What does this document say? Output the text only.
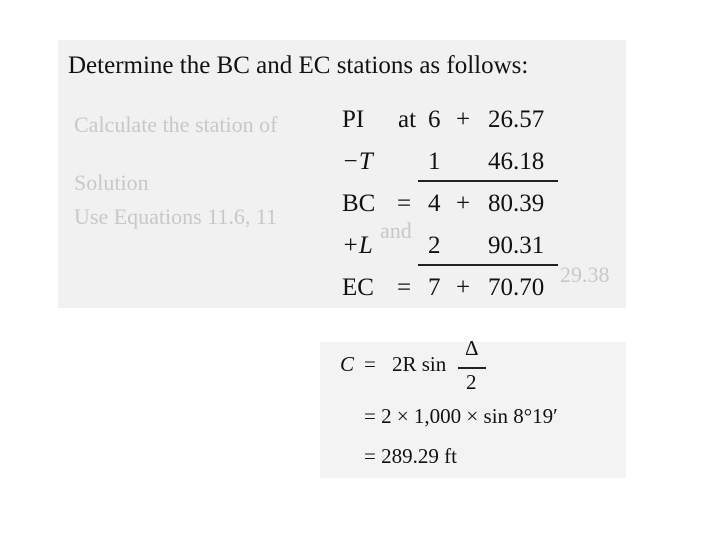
Calculate the station of
Solution
Use Equations 11.6, 11
and
29.38
Determine the BC and EC stations as follows:
PI at 6 + 26.57
−T 1 46.18
BC = 4 + 80.39
+L 2 90.31
EC = 7 + 70.70
C = 2R sin
Δ
2
= 2 × 1,000 × sin 8°19′
= 289.29 ft
